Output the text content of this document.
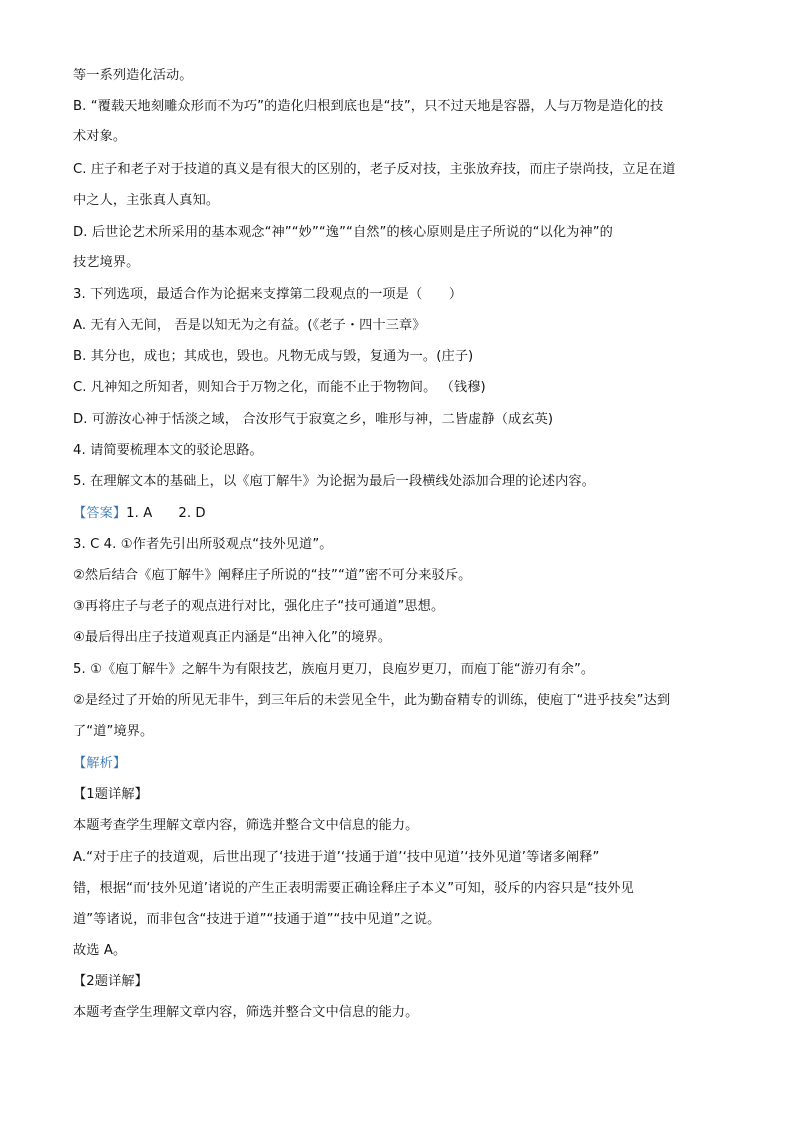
等一系列造化活动。
B. “覆载天地刻雕众形而不为巧”的造化归根到底也是“技”，只不过天地是容器，人与万物是造化的技
术对象。
C. 庄子和老子对于技道的真义是有很大的区别的，老子反对技，主张放弃技，而庄子崇尚技，立足在道
中之人，主张真人真知。
D. 后世论艺术所采用的基本观念“神”“妙”“逸”“自然”的核心原则是庄子所说的“以化为神”的
技艺境界。
3. 下列选项，最适合作为论据来支撑第二段观点的一项是（　　）
A. 无有入无间， 吾是以知无为之有益。(《老子・四十三章》
B. 其分也，成也；其成也，毁也。凡物无成与毁，复通为一。(庄子)
C. 凡神知之所知者，则知合于万物之化，而能不止于物物间。 （钱穆)
D. 可游汝心神于恬淡之域， 合汝形气于寂寞之乡，唯形与神，二皆虚静（成玄英)
4. 请简要梳理本文的驳论思路。
5. 在理解文本的基础上，以《庖丁解牛》为论据为最后一段横线处添加合理的论述内容。
【答案】1. A 2. D
3. C 4. ①作者先引出所驳观点“技外见道”。
②然后结合《庖丁解牛》阐释庄子所说的“技”“道”密不可分来驳斥。
③再将庄子与老子的观点进行对比，强化庄子“技可通道”思想。
④最后得出庄子技道观真正内涵是“出神入化”的境界。
5. ①《庖丁解牛》之解牛为有限技艺，族庖月更刀，良庖岁更刀，而庖丁能“游刃有余”。
②是经过了开始的所见无非牛，到三年后的未尝见全牛，此为勤奋精专的训练，使庖丁“进乎技矣”达到
了“道”境界。
【解析】
【1题详解】
本题考查学生理解文章内容，筛选并整合文中信息的能力。
A.“对于庄子的技道观，后世出现了‘技进于道’‘技通于道’‘技中见道’‘技外见道’等诸多阐释”
错，根据“而‘技外见道’诸说的产生正表明需要正确诠释庄子本义”可知，驳斥的内容只是“技外见
道”等诸说，而非包含“技进于道”“技通于道”“技中见道”之说。
故选 A。
【2题详解】
本题考查学生理解文章内容，筛选并整合文中信息的能力。
